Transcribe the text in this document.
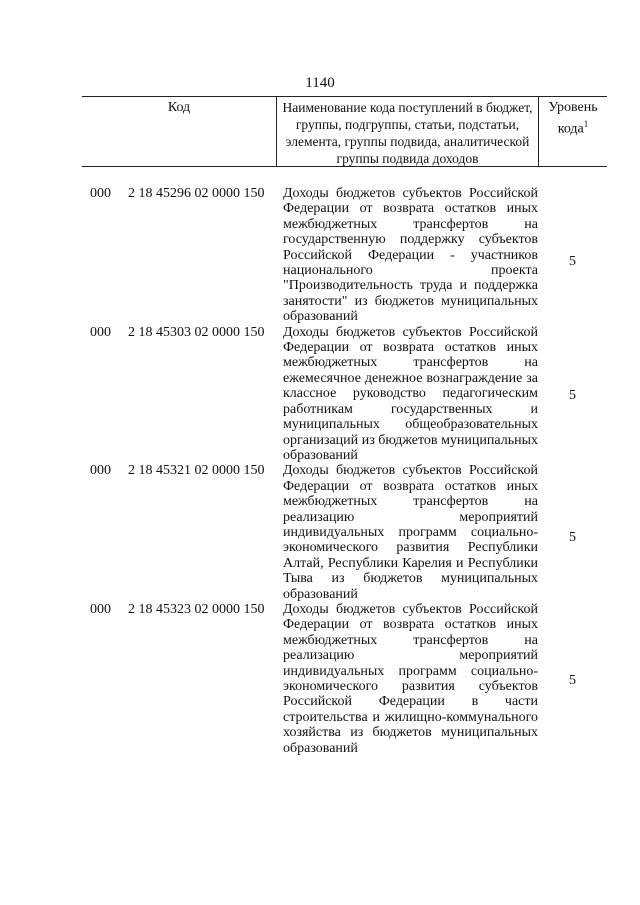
1140
Код	Наименование кода поступлений в бюджет, группы, подгруппы, статьи, подстатьи, элемента, группы подвида, аналитической группы подвида доходов
Уровень кода$^1$
000 2 18 45296 02 0000 150 Доходы бюджетов субъектов Российской Федерации от возврата остатков иных межбюджетных трансфертов на государственную поддержку субъектов Российской Федерации - участников национального проекта "Производительность труда и поддержка занятости" из бюджетов муниципальных образований
5
000 2 18 45303 02 0000 150 Доходы бюджетов субъектов Российской Федерации от возврата остатков иных межбюджетных трансфертов на ежемесячное денежное вознаграждение за классное руководство педагогическим работникам государственных и муниципальных общеобразовательных организаций из бюджетов муниципальных образований
5
000 2 18 45321 02 0000 150 Доходы бюджетов субъектов Российской Федерации от возврата остатков иных межбюджетных трансфертов на реализацию мероприятий индивидуальных программ социально-экономического развития Республики Алтай, Республики Карелия и Республики Тыва из бюджетов муниципальных образований
5
000 2 18 45323 02 0000 150 Доходы бюджетов субъектов Российской Федерации от возврата остатков иных межбюджетных трансфертов на реализацию мероприятий индивидуальных программ социально-экономического развития субъектов Российской Федерации в части строительства и жилищно-коммунального хозяйства из бюджетов муниципальных образований
5
